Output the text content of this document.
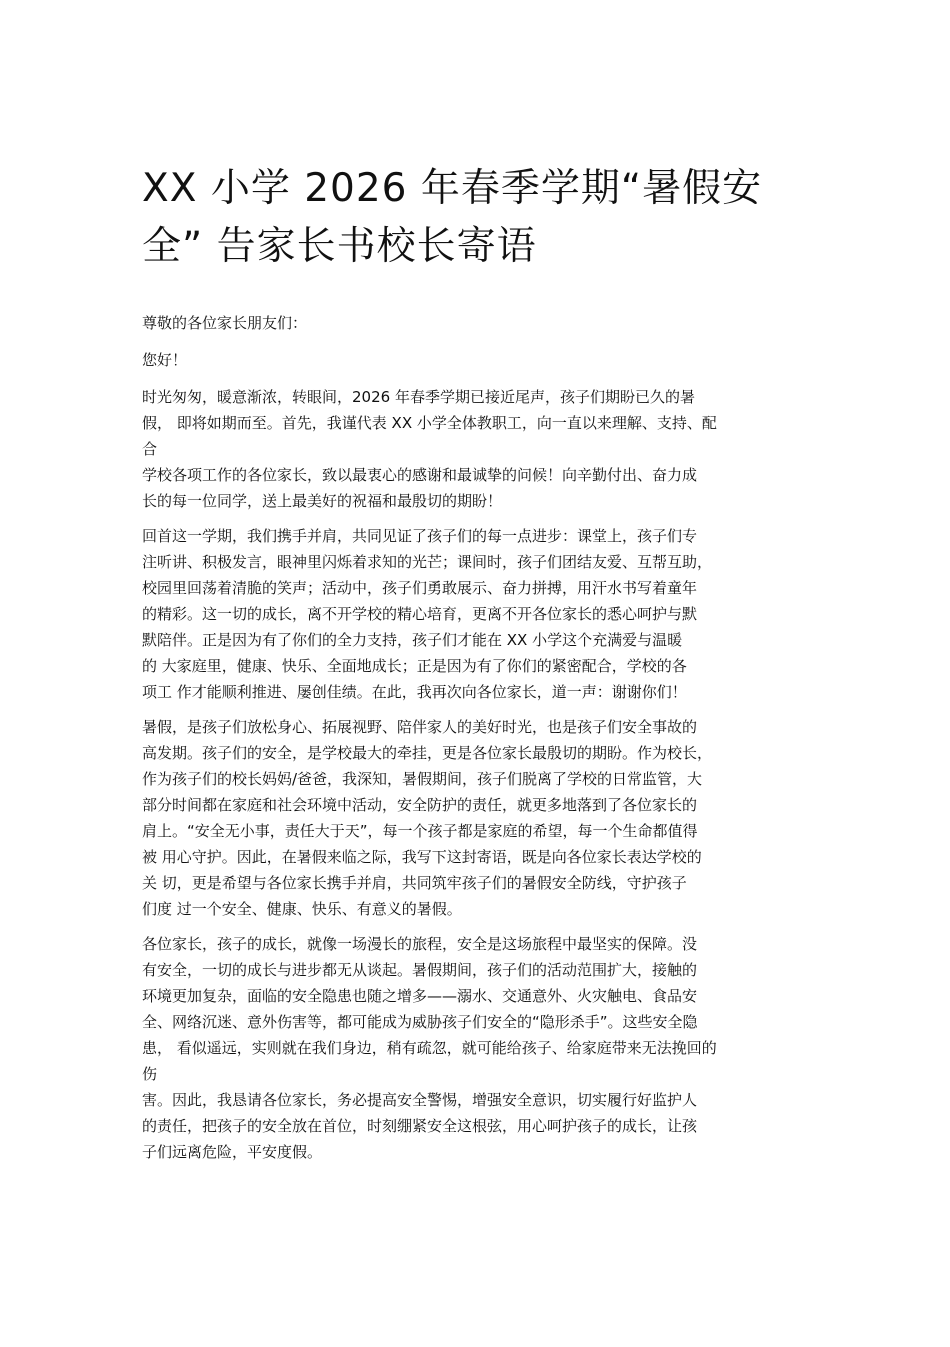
XX 小学 2026 年春季学期“暑假安
全” 告家长书校长寄语

尊敬的各位家长朋友们：

您好！

时光匆匆，暖意渐浓，转眼间，2026 年春季学期已接近尾声，孩子们期盼已久的暑
假， 即将如期而至。首先，我谨代表 XX 小学全体教职工，向一直以来理解、支持、配
合
学校各项工作的各位家长，致以最衷心的感谢和最诚挚的问候！向辛勤付出、奋力成
长的每一位同学，送上最美好的祝福和最殷切的期盼！

回首这一学期，我们携手并肩，共同见证了孩子们的每一点进步：课堂上，孩子们专
注听讲、积极发言，眼神里闪烁着求知的光芒；课间时，孩子们团结友爱、互帮互助，
校园里回荡着清脆的笑声；活动中，孩子们勇敢展示、奋力拼搏，用汗水书写着童年
的精彩。这一切的成长，离不开学校的精心培育，更离不开各位家长的悉心呵护与默
默陪伴。正是因为有了你们的全力支持，孩子们才能在 XX 小学这个充满爱与温暖
的 大家庭里，健康、快乐、全面地成长；正是因为有了你们的紧密配合，学校的各
项工 作才能顺利推进、屡创佳绩。在此，我再次向各位家长，道一声：谢谢你们！

暑假，是孩子们放松身心、拓展视野、陪伴家人的美好时光，也是孩子们安全事故的
高发期。孩子们的安全，是学校最大的牵挂，更是各位家长最殷切的期盼。作为校长，
作为孩子们的校长妈妈/爸爸，我深知，暑假期间，孩子们脱离了学校的日常监管，大
部分时间都在家庭和社会环境中活动，安全防护的责任，就更多地落到了各位家长的
肩上。“安全无小事，责任大于天”，每一个孩子都是家庭的希望，每一个生命都值得
被 用心守护。因此，在暑假来临之际，我写下这封寄语，既是向各位家长表达学校的
关 切，更是希望与各位家长携手并肩，共同筑牢孩子们的暑假安全防线，守护孩子
们度 过一个安全、健康、快乐、有意义的暑假。

各位家长，孩子的成长，就像一场漫长的旅程，安全是这场旅程中最坚实的保障。没
有安全，一切的成长与进步都无从谈起。暑假期间，孩子们的活动范围扩大，接触的
环境更加复杂，面临的安全隐患也随之增多——溺水、交通意外、火灾触电、食品安
全、网络沉迷、意外伤害等，都可能成为威胁孩子们安全的“隐形杀手”。这些安全隐
患， 看似遥远，实则就在我们身边，稍有疏忽，就可能给孩子、给家庭带来无法挽回的
伤
害。因此，我恳请各位家长，务必提高安全警惕，增强安全意识，切实履行好监护人
的责任，把孩子的安全放在首位，时刻绷紧安全这根弦，用心呵护孩子的成长，让孩
子们远离危险，平安度假。
